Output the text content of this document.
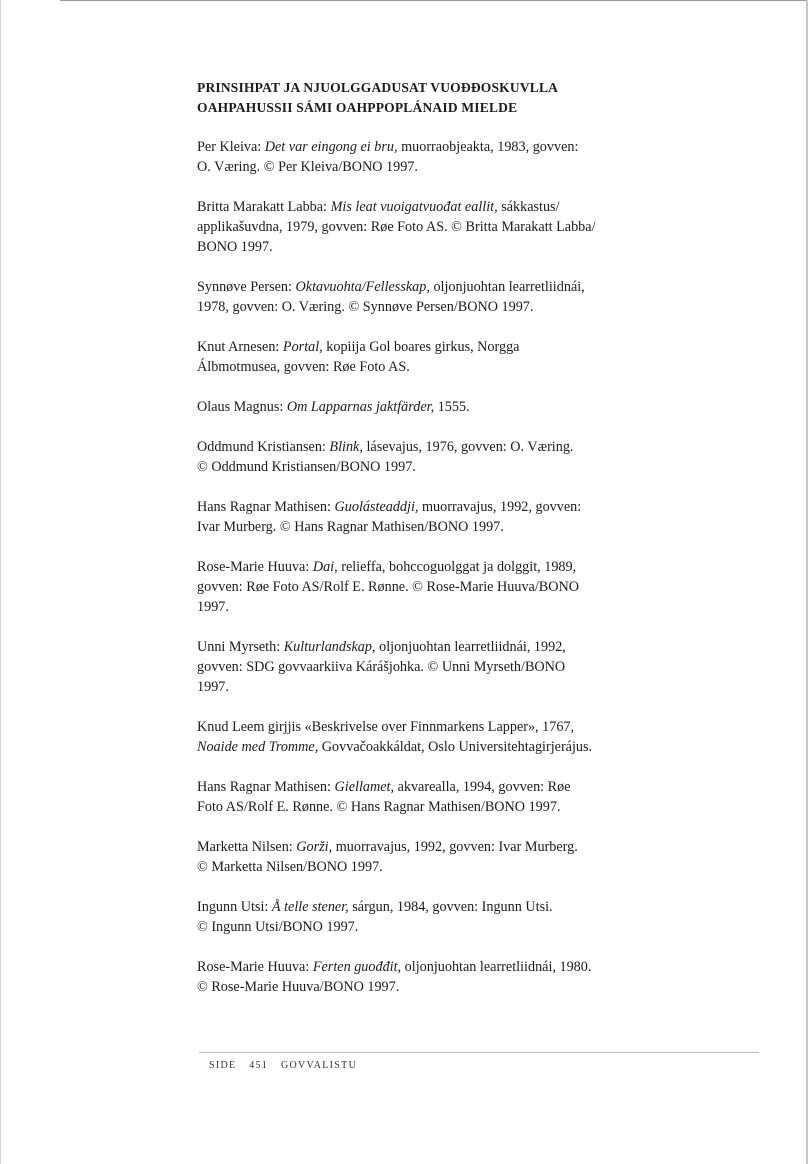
PRINSIHPAT JA NJUOLGGADUSAT VUOĐĐOSKUVLLA
OAHPAHUSSII SÁMI OAHPPOPLÁNAID MIELDE

Per Kleiva: Det var eingong ei bru, muorraobjeakta, 1983, govven:
O. Væring. © Per Kleiva/BONO 1997.

Britta Marakatt Labba: Mis leat vuoigatvuođat eallit, sákkastus/
applikašuvdna, 1979, govven: Røe Foto AS. © Britta Marakatt Labba/
BONO 1997.

Synnøve Persen: Oktavuohta/Fellesskap, oljonjuohtan learretliidnái,
1978, govven: O. Væring. © Synnøve Persen/BONO 1997.

Knut Arnesen: Portal, kopiija Gol boares girkus, Norgga
Álbmotmusea, govven: Røe Foto AS.

Olaus Magnus: Om Lapparnas jaktfärder, 1555.

Oddmund Kristiansen: Blink, lásevajus, 1976, govven: O. Væring.
© Oddmund Kristiansen/BONO 1997.

Hans Ragnar Mathisen: Guolásteaddji, muorravajus, 1992, govven:
Ivar Murberg. © Hans Ragnar Mathisen/BONO 1997.

Rose-Marie Huuva: Dai, relieffa, bohccoguolggat ja dolggit, 1989,
govven: Røe Foto AS/Rolf E. Rønne. © Rose-Marie Huuva/BONO
1997.

Unni Myrseth: Kulturlandskap, oljonjuohtan learretliidnái, 1992,
govven: SDG govvaarkiiva Kárášjohka. © Unni Myrseth/BONO
1997.

Knud Leem girjjis «Beskrivelse over Finnmarkens Lapper», 1767,
Noaide med Tromme, Govvačoakkáldat, Oslo Universitehtagirjerájus.

Hans Ragnar Mathisen: Giellamet, akvarealla, 1994, govven: Røe
Foto AS/Rolf E. Rønne. © Hans Ragnar Mathisen/BONO 1997.

Marketta Nilsen: Gorži, muorravajus, 1992, govven: Ivar Murberg.
© Marketta Nilsen/BONO 1997.

Ingunn Utsi: Å telle stener, sárgun, 1984, govven: Ingunn Utsi.
© Ingunn Utsi/BONO 1997.

Rose-Marie Huuva: Ferten guođđit, oljonjuohtan learretliidnái, 1980.
© Rose-Marie Huuva/BONO 1997.

SIDE 451 GOVVALISTU
